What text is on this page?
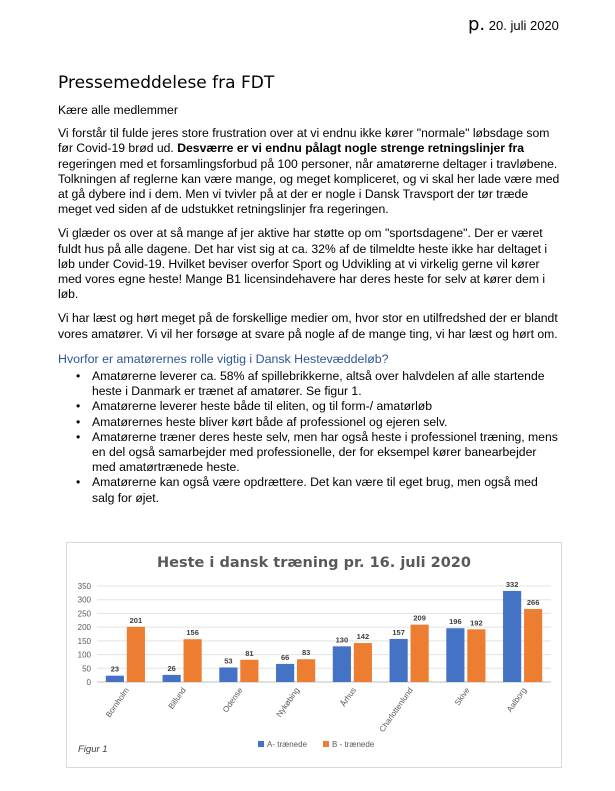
p. 20. juli 2020
Pressemeddelese fra FDT

Kære alle medlemmer

Vi forstår til fulde jeres store frustration over at vi endnu ikke kører "normale" løbsdage som før Covid-19 brød ud. Desværre er vi endnu pålagt nogle strenge retningslinjer fra regeringen med et forsamlingsforbud på 100 personer, når amatørerne deltager i travløbene. Tolkningen af reglerne kan være mange, og meget kompliceret, og vi skal her lade være med at gå dybere ind i dem. Men vi tvivler på at der er nogle i Dansk Travsport der tør træde meget ved siden af de udstukket retningslinjer fra regeringen.

Vi glæder os over at så mange af jer aktive har støtte op om "sportsdagene". Der er været fuldt hus på alle dagene. Det har vist sig at ca. 32% af de tilmeldte heste ikke har deltaget i løb under Covid-19. Hvilket beviser overfor Sport og Udvikling at vi virkelig gerne vil kører med vores egne heste! Mange B1 licensindehavere har deres heste for selv at kører dem i løb.

Vi har læst og hørt meget på de forskellige medier om, hvor stor en utilfredshed der er blandt vores amatører. Vi vil her forsøge at svare på nogle af de mange ting, vi har læst og hørt om.

Hvorfor er amatørernes rolle vigtig i Dansk Hestevæddeløb?
• Amatørerne leverer ca. 58% af spillebrikkerne, altså over halvdelen af alle startende heste i Danmark er trænet af amatører. Se figur 1.
• Amatørerne leverer heste både til eliten, og til form-/ amatørløb
• Amatørernes heste bliver kørt både af professionel og ejeren selv.
• Amatørerne træner deres heste selv, men har også heste i professionel træning, mens en del også samarbejder med professionelle, der for eksempel kører banearbejder med amatørtrænede heste.
• Amatørerne kan også være opdrættere. Det kan være til eget brug, men også med salg for øjet.
Heste i dansk træning pr. 16. juli 2020
0
50
100
150
200
250
300
350
23
201
26
156
53
81	66
83
130 142	157
209	196 192
332
266
Bornholm	Billund	Odense	Nykøbing	Århus Charlottenlund	Skive	Aalborg
Figur 1	A- trænede	B - trænede
